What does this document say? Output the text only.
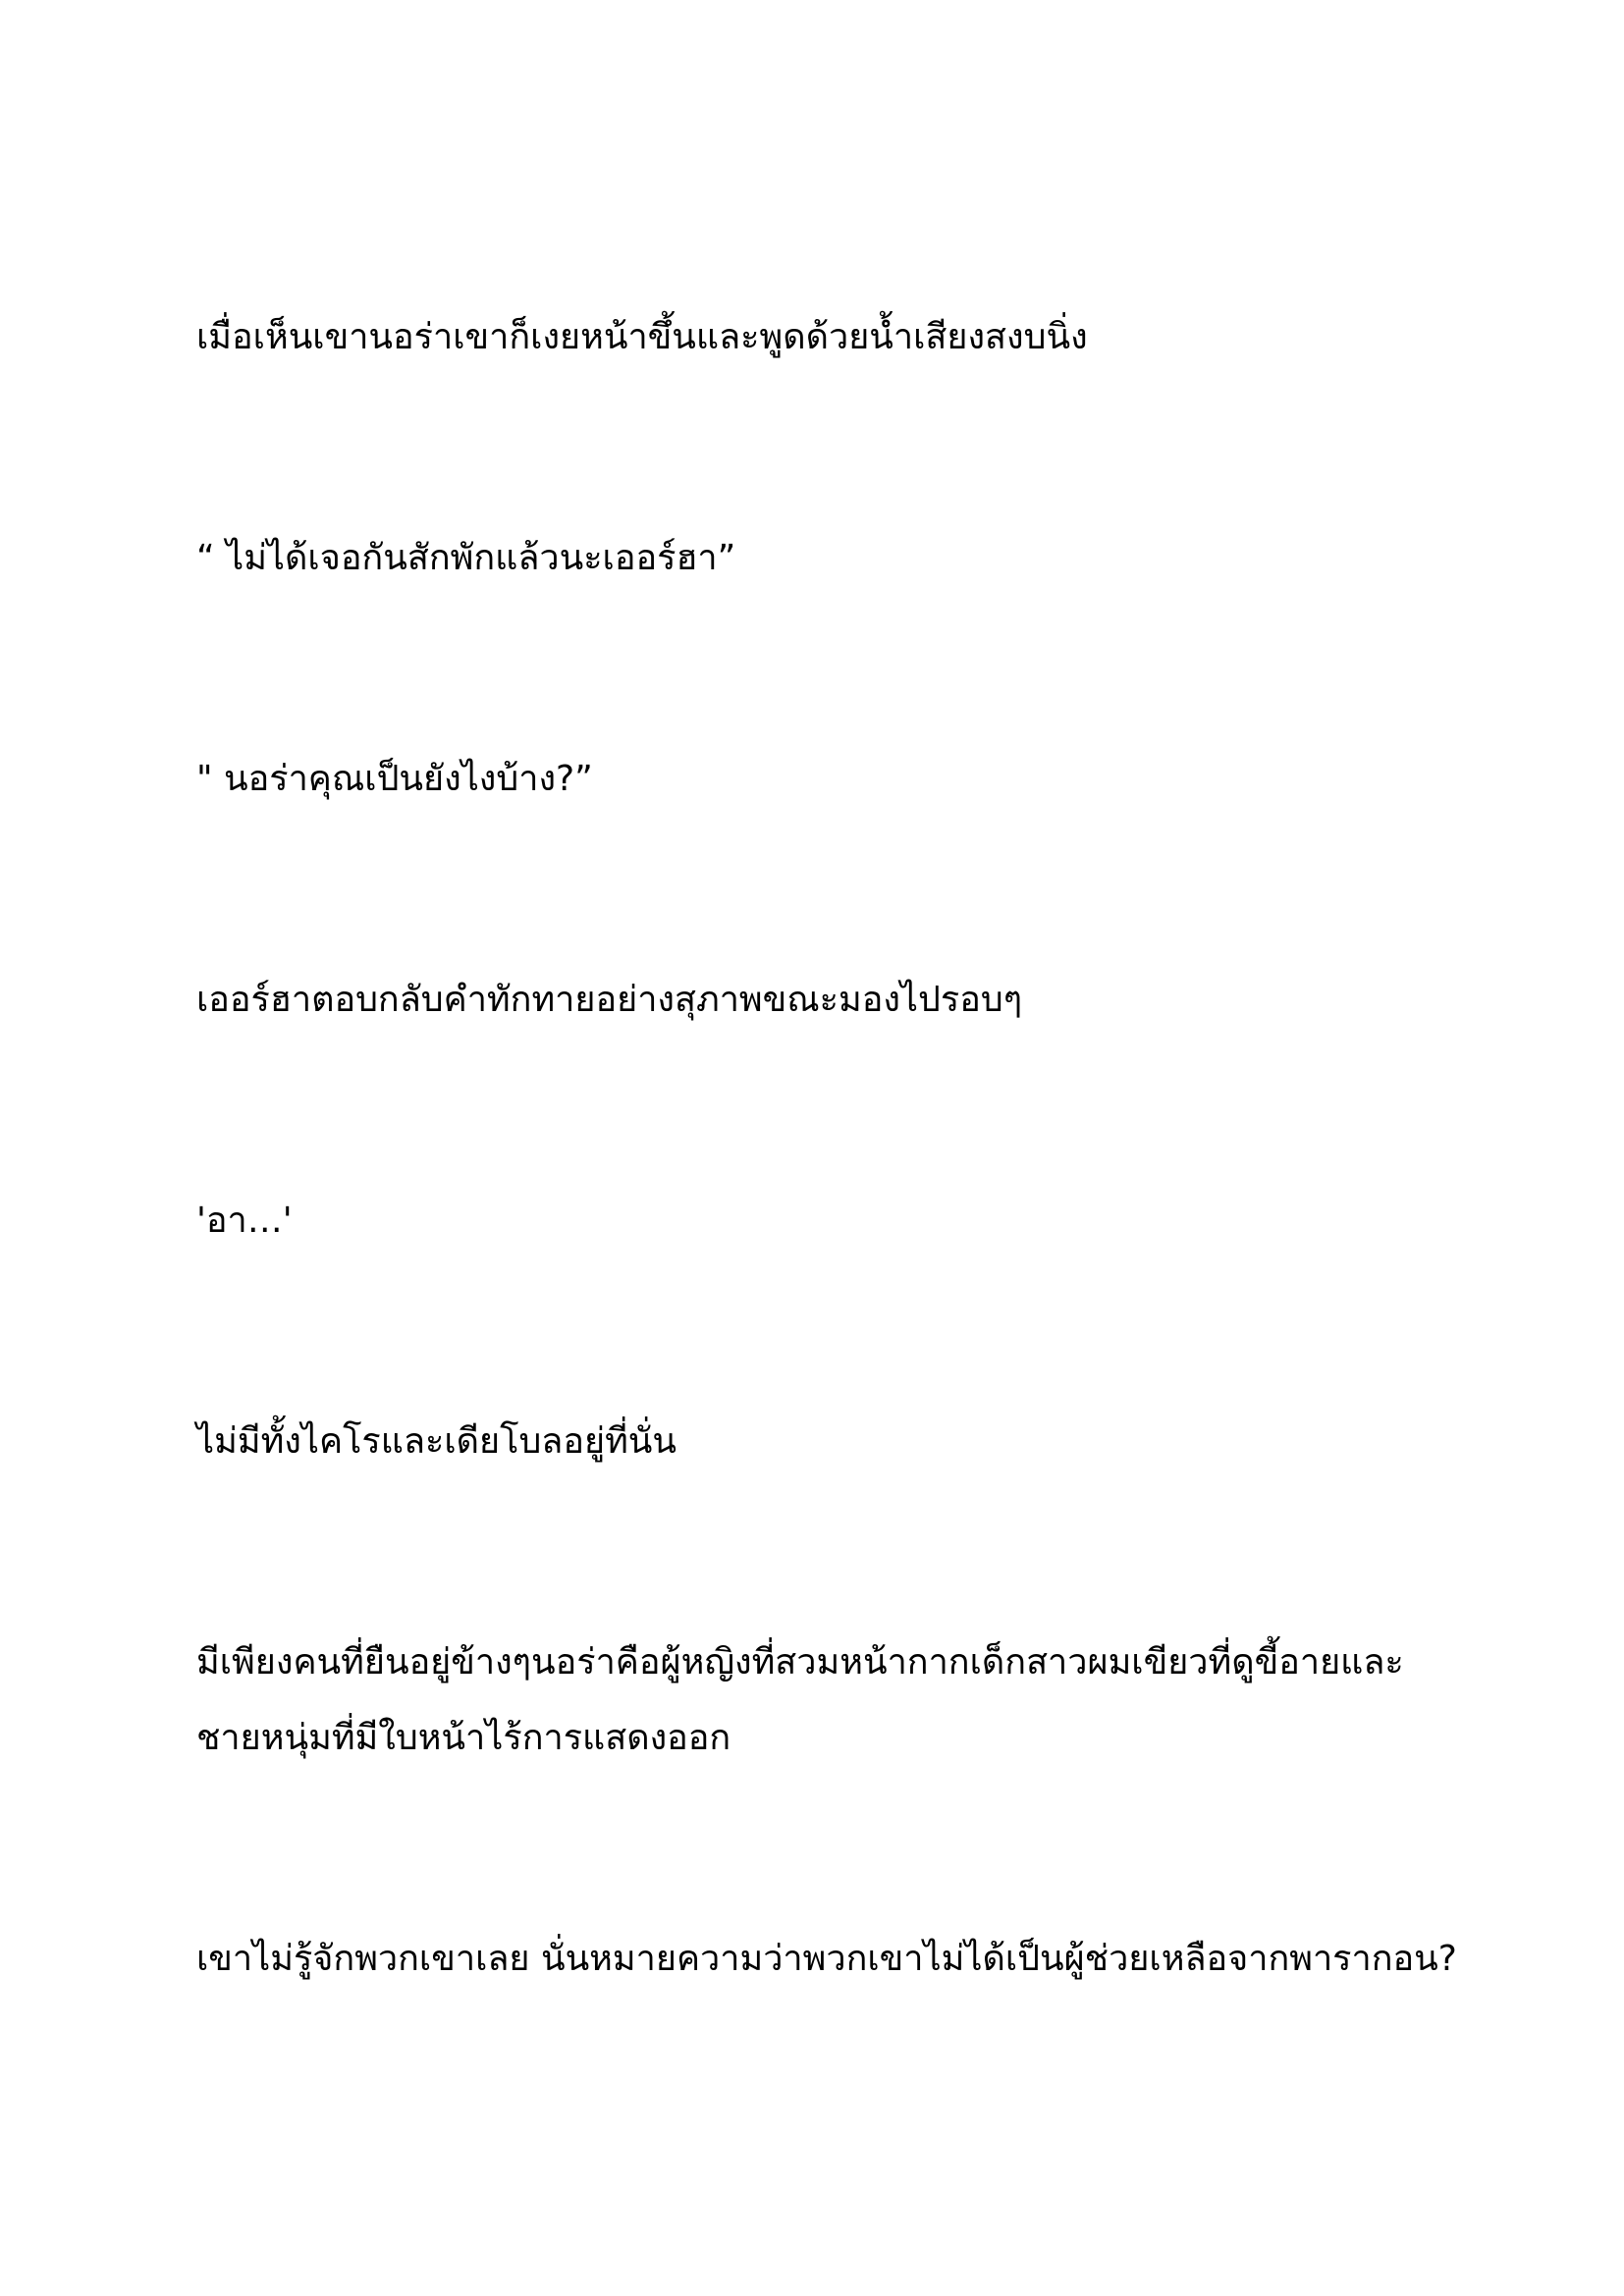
เมื่อเห็นเขานอร่าเขาก็เงยหน้าขึ้นและพูดด้วยน้ำเสียงสงบนิ่ง
“ ไม่ได้เจอกันสักพักแล้วนะเออร์ฮา”
" นอร่าคุณเป็นยังไงบ้าง?”
เออร์ฮาตอบกลับคำทักทายอย่างสุภาพขณะมองไปรอบๆ
'อา…'
ไม่มีทั้งไคโรและเดียโบลอยู่ที่นั่น
มีเพียงคนที่ยืนอยู่ข้างๆนอร่าคือผู้หญิงที่สวมหน้ากากเด็กสาวผมเขียวที่ดูขี้อายและ
ชายหนุ่มที่มีใบหน้าไร้การแสดงออก
เขาไม่รู้จักพวกเขาเลย นั่นหมายความว่าพวกเขาไม่ได้เป็นผู้ช่วยเหลือจากพารากอน?
